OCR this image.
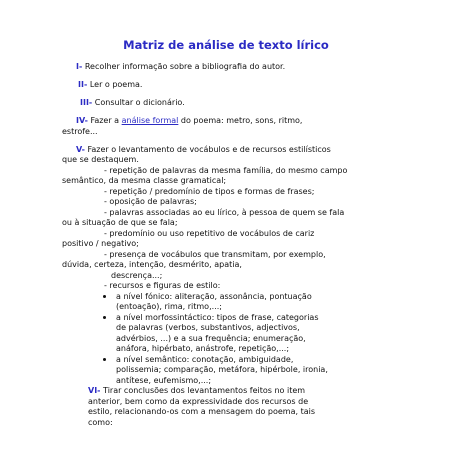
Matriz de análise de texto lírico
I- Recolher informação sobre a bibliografia do autor.
II- Ler o poema.
III- Consultar o dicionário.
IV- Fazer a análise formal do poema: metro, sons, ritmo,
estrofe...
V- Fazer o levantamento de vocábulos e de recursos estilísticos
que se destaquem.
- repetição de palavras da mesma família, do mesmo campo
semântico, da mesma classe gramatical;
- repetição / predomínio de tipos e formas de frases;
- oposição de palavras;
- palavras associadas ao eu lírico, à pessoa de quem se fala
ou à situação de que se fala;
- predomínio ou uso repetitivo de vocábulos de cariz
positivo / negativo;
- presença de vocábulos que transmitam, por exemplo,
dúvida, certeza, intenção, desmérito, apatia,
descrença...;
- recursos e figuras de estilo:
a nível fónico: aliteração, assonância, pontuação
(entoação), rima, ritmo,...;
a nível morfossintáctico: tipos de frase, categorias
de palavras (verbos, substantivos, adjectivos,
advérbios, ...) e a sua frequência; enumeração,
anáfora, hipérbato, anástrofe, repetição,...;
a nível semântico: conotação, ambiguidade,
polissemia; comparação, metáfora, hipérbole, ironia,
antítese, eufemismo,...;
VI- Tirar conclusões dos levantamentos feitos no item
anterior, bem como da expressividade dos recursos de
estilo, relacionando-os com a mensagem do poema, tais
como:
